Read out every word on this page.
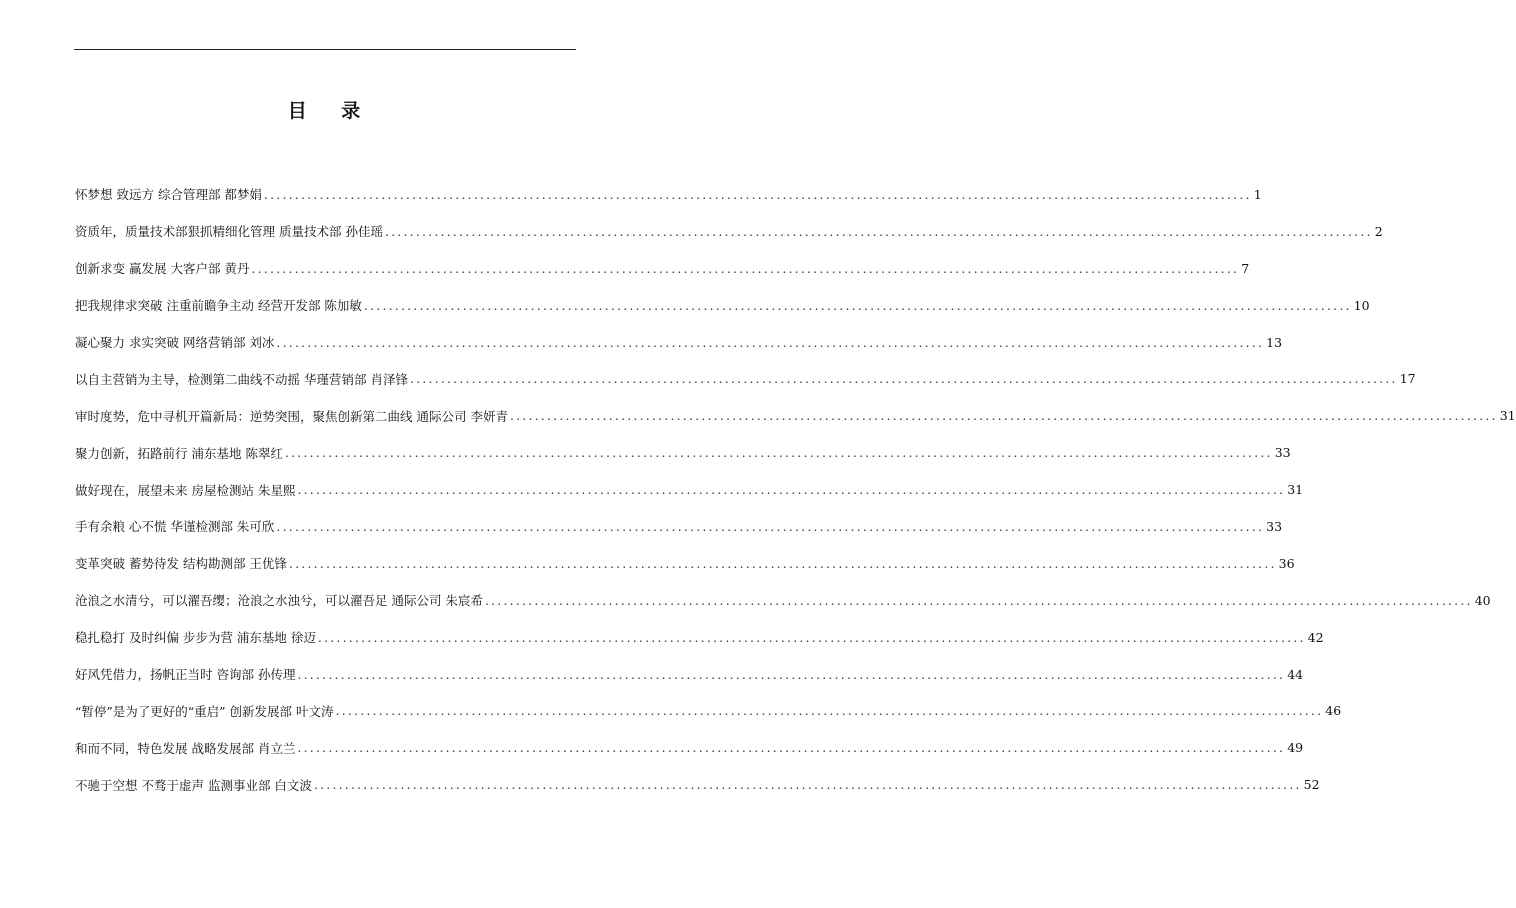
目 录
怀梦想 致远方 综合管理部 都梦娟 .....	1
资质年，质量技术部狠抓精细化管理 质量技术部 孙佳瑶 .....	2
创新求变 赢发展 大客户部 黄丹 .....	7
把我规律求突破 注重前瞻争主动 经营开发部 陈加敏 .....	10
凝心聚力 求实突破 网络营销部 刘冰 .....	13
以自主营销为主导，检测第二曲线不动摇 华瑾营销部 肖泽锋 .....	17
审时度势，危中寻机开篇新局：逆势突围，聚焦创新第二曲线 通际公司 李妍青 .....	31
聚力创新，拓路前行 浦东基地 陈翠红 .....	33
做好现在，展望未来 房屋检测站 朱星熙 .....	31
手有余粮 心不慌 华谨检测部 朱可欣 .....	33
变革突破 蓄势待发 结构勘测部 王优锋 .....	36
沧浪之水清兮，可以濯吾缨；沧浪之水浊兮，可以濯吾足 通际公司 朱宸希 .....	40
稳扎稳打 及时纠偏 步步为营 浦东基地 徐迈 .....	42
好风凭借力，扬帆正当时 咨询部 孙传理 .....	44
“暂停”是为了更好的“重启” 创新发展部 叶文涛 .....	46
和而不同，特色发展 战略发展部 肖立兰 .....	49
不驰于空想 不骛于虚声 监测事业部 白文波 .....	52
